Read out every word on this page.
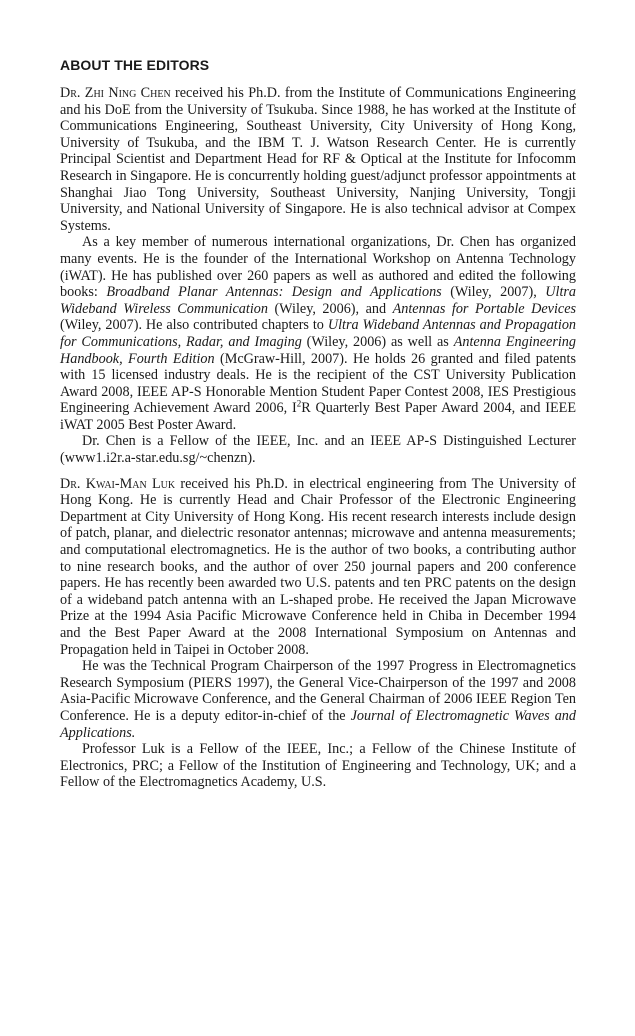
ABOUT THE EDITORS

Dr. Zhi Ning Chen received his Ph.D. from the Institute of Communications Engineering and his DoE from the University of Tsukuba. Since 1988, he has worked at the Institute of Communications Engineering, Southeast University, City University of Hong Kong, University of Tsukuba, and the IBM T. J. Watson Research Center. He is currently Principal Scientist and Department Head for RF & Optical at the Institute for Infocomm Research in Singapore. He is concurrently holding guest/adjunct professor appointments at Shanghai Jiao Tong University, Southeast University, Nanjing University, Tongji University, and National University of Singapore. He is also technical advisor at Compex Systems.

As a key member of numerous international organizations, Dr. Chen has organized many events. He is the founder of the International Workshop on Antenna Technology (iWAT). He has published over 260 papers as well as authored and edited the following books: Broadband Planar Antennas: Design and Applications (Wiley, 2007), Ultra Wideband Wireless Communication (Wiley, 2006), and Antennas for Portable Devices (Wiley, 2007). He also contributed chapters to Ultra Wideband Antennas and Propagation for Communications, Radar, and Imaging (Wiley, 2006) as well as Antenna Engineering Handbook, Fourth Edition (McGraw-Hill, 2007). He holds 26 granted and filed patents with 15 licensed industry deals. He is the recipient of the CST University Publication Award 2008, IEEE AP-S Honorable Mention Student Paper Contest 2008, IES Prestigious Engineering Achievement Award 2006, $I^2R$ Quarterly Best Paper Award 2004, and IEEE iWAT 2005 Best Poster Award.

Dr. Chen is a Fellow of the IEEE, Inc. and an IEEE AP-S Distinguished Lecturer (www1.i2r.a-star.edu.sg/~chenzn).

Dr. Kwai-Man Luk received his Ph.D. in electrical engineering from The University of Hong Kong. He is currently Head and Chair Professor of the Electronic Engineering Department at City University of Hong Kong. His recent research interests include design of patch, planar, and dielectric resonator antennas; microwave and antenna measurements; and computational electromagnetics. He is the author of two books, a contributing author to nine research books, and the author of over 250 journal papers and 200 conference papers. He has recently been awarded two U.S. patents and ten PRC patents on the design of a wideband patch antenna with an L-shaped probe. He received the Japan Microwave Prize at the 1994 Asia Pacific Microwave Conference held in Chiba in December 1994 and the Best Paper Award at the 2008 International Symposium on Antennas and Propagation held in Taipei in October 2008.

He was the Technical Program Chairperson of the 1997 Progress in Electromagnetics Research Symposium (PIERS 1997), the General Vice-Chairperson of the 1997 and 2008 Asia-Pacific Microwave Conference, and the General Chairman of 2006 IEEE Region Ten Conference. He is a deputy editor-in-chief of the Journal of Electromagnetic Waves and Applications.

Professor Luk is a Fellow of the IEEE, Inc.; a Fellow of the Chinese Institute of Electronics, PRC; a Fellow of the Institution of Engineering and Technology, UK; and a Fellow of the Electromagnetics Academy, U.S.
